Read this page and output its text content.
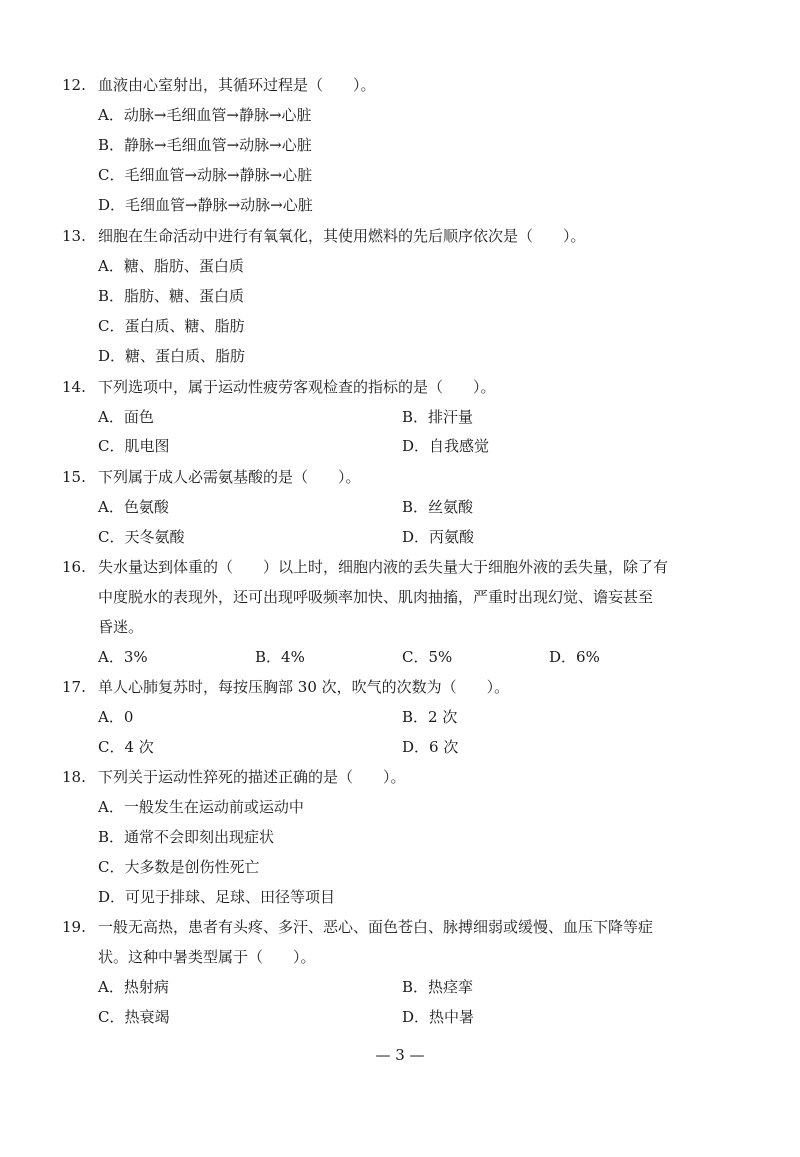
12. 血液由心室射出，其循环过程是（　　）。
A．动脉→毛细血管→静脉→心脏
B．静脉→毛细血管→动脉→心脏
C．毛细血管→动脉→静脉→心脏
D．毛细血管→静脉→动脉→心脏
13. 细胞在生命活动中进行有氧氧化，其使用燃料的先后顺序依次是（　　）。
A．糖、脂肪、蛋白质
B．脂肪、糖、蛋白质
C．蛋白质、糖、脂肪
D．糖、蛋白质、脂肪
14. 下列选项中，属于运动性疲劳客观检查的指标的是（　　）。
A．面色	B．排汗量
C．肌电图	D．自我感觉
15. 下列属于成人必需氨基酸的是（　　）。
A．色氨酸	B．丝氨酸
C．天冬氨酸	D．丙氨酸
16. 失水量达到体重的（　　）以上时，细胞内液的丢失量大于细胞外液的丢失量，除了有
中度脱水的表现外，还可出现呼吸频率加快、肌肉抽搐，严重时出现幻觉、谵妄甚至
昏迷。
A．3%	B．4%	C．5%	D．6%
17. 单人心肺复苏时，每按压胸部 30 次，吹气的次数为（　　）。
A．0	B．2 次
C．4 次	D．6 次
18. 下列关于运动性猝死的描述正确的是（　　）。
A．一般发生在运动前或运动中
B．通常不会即刻出现症状
C．大多数是创伤性死亡
D．可见于排球、足球、田径等项目
19. 一般无高热，患者有头疼、多汗、恶心、面色苍白、脉搏细弱或缓慢、血压下降等症
状。这种中暑类型属于（　　）。
A．热射病	B．热痉挛
C．热衰竭	D．热中暑
— 3 —
